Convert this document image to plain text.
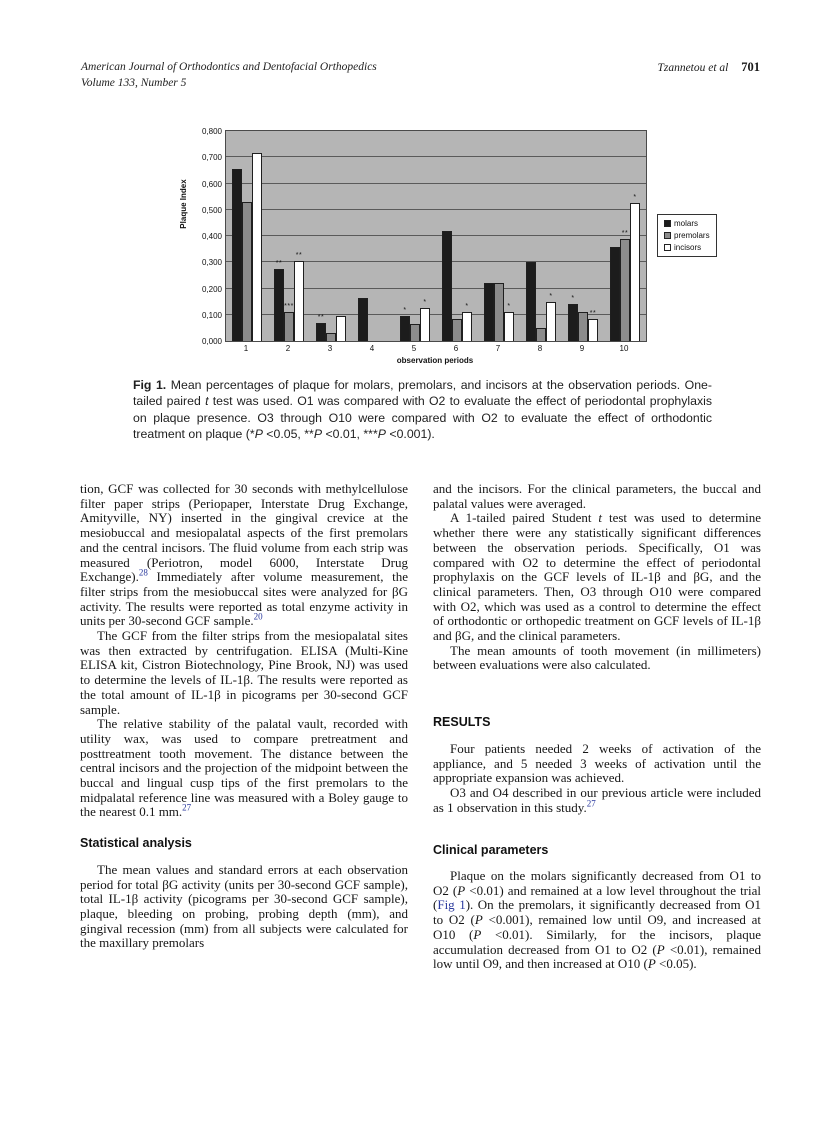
American Journal of Orthodontics and Dentofacial Orthopedics
Volume 133, Number 5
Tzannetou et al 701
Plaque Index
0,000
0,100
0,200
0,300
0,400
0,500
0,600
0,700
0,800
**
***
**
**
*
*
*	*
*	*
**
**
*
1	2	3	4	5	6	7	8	9	10
observation periods
molars
premolars
incisors
Fig 1. Mean percentages of plaque for molars, premolars, and incisors at the observation periods. One-tailed paired t test was used. O1 was compared with O2 to evaluate the effect of periodontal prophylaxis on plaque presence. O3 through O10 were compared with O2 to evaluate the effect of orthodontic treatment on plaque (*P <0.05, **P <0.01, ***P <0.001).

tion, GCF was collected for 30 seconds with methylcellulose filter paper strips (Periopaper, Interstate Drug Exchange, Amityville, NY) inserted in the gingival crevice at the mesiobuccal and mesiopalatal aspects of the first premolars and the central incisors. The fluid volume from each strip was measured (Periotron, model 6000, Interstate Drug Exchange).$^{28}$ Immediately after volume measurement, the filter strips from the mesiobuccal sites were analyzed for βG activity. The results were reported as total enzyme activity in units per 30-second GCF sample.$^{20}$

The GCF from the filter strips from the mesiopalatal sites was then extracted by centrifugation. ELISA (Multi-Kine ELISA kit, Cistron Biotechnology, Pine Brook, NJ) was used to determine the levels of IL-1β. The results were reported as the total amount of IL-1β in picograms per 30-second GCF sample.

The relative stability of the palatal vault, recorded with utility wax, was used to compare pretreatment and posttreatment tooth movement. The distance between the central incisors and the projection of the midpoint between the buccal and lingual cusp tips of the first premolars to the midpalatal reference line was measured with a Boley gauge to the nearest 0.1 mm.$^{27}$

Statistical analysis

The mean values and standard errors at each observation period for total βG activity (units per 30-second GCF sample), total IL-1β activity (picograms per 30-second GCF sample), plaque, bleeding on probing, probing depth (mm), and gingival recession (mm) from all subjects were calculated for the maxillary premolars

and the incisors. For the clinical parameters, the buccal and palatal values were averaged.

A 1-tailed paired Student t test was used to determine whether there were any statistically significant differences between the observation periods. Specifically, O1 was compared with O2 to determine the effect of periodontal prophylaxis on the GCF levels of IL-1β and βG, and the clinical parameters. Then, O3 through O10 were compared with O2, which was used as a control to determine the effect of orthodontic or orthopedic treatment on GCF levels of IL-1β and βG, and the clinical parameters.

The mean amounts of tooth movement (in millimeters) between evaluations were also calculated.

RESULTS

Four patients needed 2 weeks of activation of the appliance, and 5 needed 3 weeks of activation until the appropriate expansion was achieved.

O3 and O4 described in our previous article were included as 1 observation in this study.$^{27}$

Clinical parameters

Plaque on the molars significantly decreased from O1 to O2 (P <0.01) and remained at a low level throughout the trial (Fig 1). On the premolars, it significantly decreased from O1 to O2 (P <0.001), remained low until O9, and increased at O10 (P <0.01). Similarly, for the incisors, plaque accumulation decreased from O1 to O2 (P <0.01), remained low until O9, and then increased at O10 (P <0.05).
